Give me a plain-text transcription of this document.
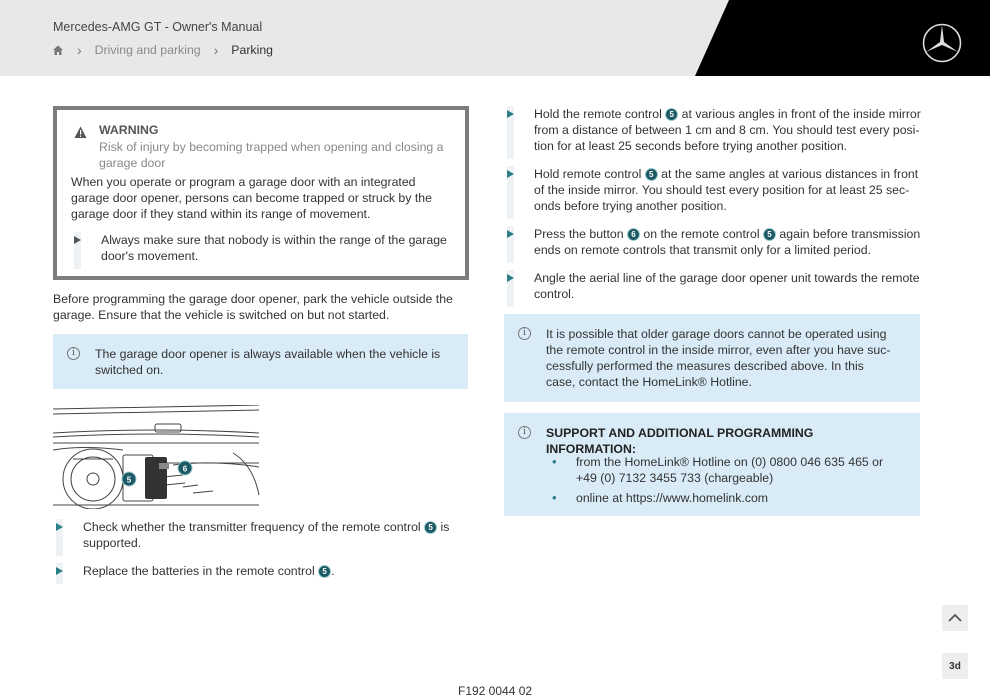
Mercedes-AMG GT - Owner's Manual
› Driving and parking › Parking
WARNING
Risk of injury by becoming trapped when opening and closing a garage door
When you operate or program a garage door with an integrated garage door opener, persons can become trapped or struck by the garage door if they stand within its range of movement.
Always make sure that nobody is within the range of the garage door's movement.
Before programming the garage door opener, park the vehicle outside the garage. Ensure that the vehicle is switched on but not started.
i	The garage door opener is always available when the vehicle is switched on.
5
6
Check whether the transmitter frequency of the remote control 5 is supported.
Replace the batteries in the remote control 5 .
Hold the remote control 5 at various angles in front of the inside mirror from a distance of between 1 cm and 8 cm. You should test every posi-tion for at least 25 seconds before trying another position.
Hold remote control 5 at the same angles at various distances in front of the inside mirror. You should test every position for at least 25 sec-onds before trying another position.
Press the button 6 on the remote control 5 again before transmission ends on remote controls that transmit only for a limited period.
Angle the aerial line of the garage door opener unit towards the remote control.
i	It is possible that older garage doors cannot be operated using the remote control in the inside mirror, even after you have suc-cessfully performed the measures described above. In this case, contact the HomeLink® Hotline.
i	SUPPORT AND ADDITIONAL PROGRAMMING INFORMATION:
• from the HomeLink® Hotline on (0) 0800 046 635 465 or +49 (0) 7132 3455 733 (chargeable)
• online at https://www.homelink.com
3d
F192 0044 02
